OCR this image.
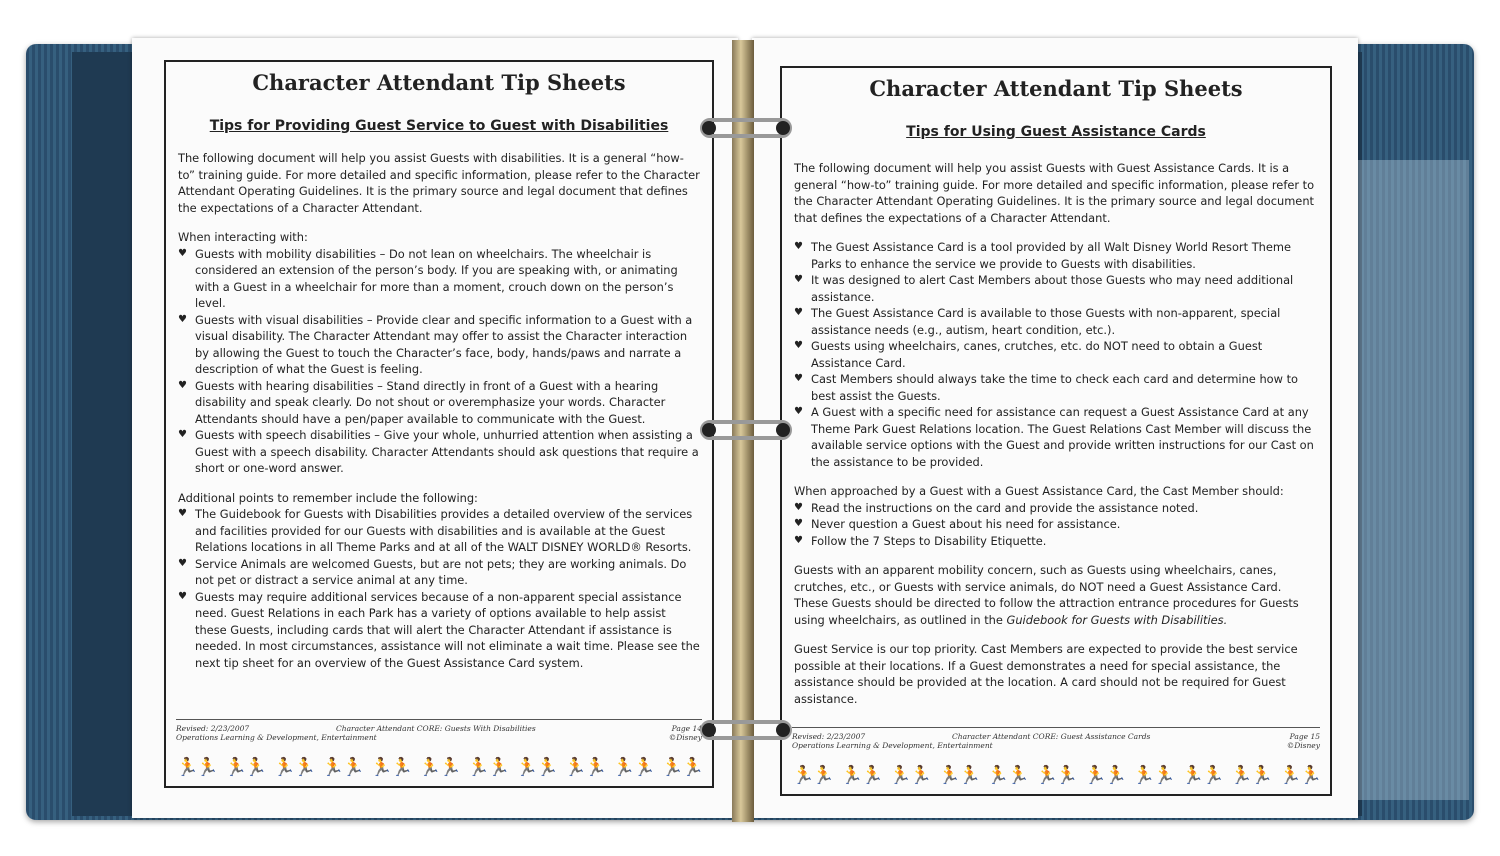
Character Attendant Tip Sheets
Tips for Providing Guest Service to Guest with Disabilities

The following document will help you assist Guests with disabilities. It is a general “how-to” training guide. For more detailed and specific information, please refer to the Character Attendant Operating Guidelines. It is the primary source and legal document that defines the expectations of a Character Attendant.

When interacting with:
♥ Guests with mobility disabilities – Do not lean on wheelchairs. The wheelchair is considered an extension of the person’s body. If you are speaking with, or animating with a Guest in a wheelchair for more than a moment, crouch down on the person’s level.
♥ Guests with visual disabilities – Provide clear and specific information to a Guest with a visual disability. The Character Attendant may offer to assist the Character interaction by allowing the Guest to touch the Character’s face, body, hands/paws and narrate a description of what the Guest is feeling.
♥ Guests with hearing disabilities – Stand directly in front of a Guest with a hearing disability and speak clearly. Do not shout or overemphasize your words. Character Attendants should have a pen/paper available to communicate with the Guest.
♥ Guests with speech disabilities – Give your whole, unhurried attention when assisting a Guest with a speech disability. Character Attendants should ask questions that require a short or one-word answer.
Additional points to remember include the following:
♥ The Guidebook for Guests with Disabilities provides a detailed overview of the services and facilities provided for our Guests with disabilities and is available at the Guest Relations locations in all Theme Parks and at all of the WALT DISNEY WORLD® Resorts.
♥ Service Animals are welcomed Guests, but are not pets; they are working animals. Do not pet or distract a service animal at any time.
♥ Guests may require additional services because of a non-apparent special assistance need. Guest Relations in each Park has a variety of options available to help assist these Guests, including cards that will alert the Character Attendant if assistance is needed. In most circumstances, assistance will not eliminate a wait time. Please see the next tip sheet for an overview of the Guest Assistance Card system.
Revised: 2/23/2007
Operations Learning & Development, Entertainment
Character Attendant CORE: Guests With Disabilities	Page 14
©Disney
🏃🏃 🏃🏃 🏃🏃 🏃🏃 🏃🏃 🏃🏃 🏃🏃 🏃🏃 🏃🏃 🏃🏃 🏃🏃
Character Attendant Tip Sheets
Tips for Using Guest Assistance Cards

The following document will help you assist Guests with Guest Assistance Cards. It is a general “how-to” training guide. For more detailed and specific information, please refer to the Character Attendant Operating Guidelines. It is the primary source and legal document that defines the expectations of a Character Attendant.

♥ The Guest Assistance Card is a tool provided by all Walt Disney World Resort Theme Parks to enhance the service we provide to Guests with disabilities.
♥ It was designed to alert Cast Members about those Guests who may need additional assistance.
♥ The Guest Assistance Card is available to those Guests with non-apparent, special assistance needs (e.g., autism, heart condition, etc.).
♥ Guests using wheelchairs, canes, crutches, etc. do NOT need to obtain a Guest Assistance Card.
♥ Cast Members should always take the time to check each card and determine how to best assist the Guests.
♥ A Guest with a specific need for assistance can request a Guest Assistance Card at any Theme Park Guest Relations location. The Guest Relations Cast Member will discuss the available service options with the Guest and provide written instructions for our Cast on the assistance to be provided.
When approached by a Guest with a Guest Assistance Card, the Cast Member should:
♥ Read the instructions on the card and provide the assistance noted.
♥ Never question a Guest about his need for assistance.
♥ Follow the 7 Steps to Disability Etiquette.

Guests with an apparent mobility concern, such as Guests using wheelchairs, canes, crutches, etc., or Guests with service animals, do NOT need a Guest Assistance Card. These Guests should be directed to follow the attraction entrance procedures for Guests using wheelchairs, as outlined in the Guidebook for Guests with Disabilities.

Guest Service is our top priority. Cast Members are expected to provide the best service possible at their locations. If a Guest demonstrates a need for special assistance, the assistance should be provided at the location. A card should not be required for Guest assistance.

Revised: 2/23/2007
Operations Learning & Development, Entertainment
Character Attendant CORE: Guest Assistance Cards	Page 15
©Disney
🏃🏃 🏃🏃 🏃🏃 🏃🏃 🏃🏃 🏃🏃 🏃🏃 🏃🏃 🏃🏃 🏃🏃 🏃🏃
